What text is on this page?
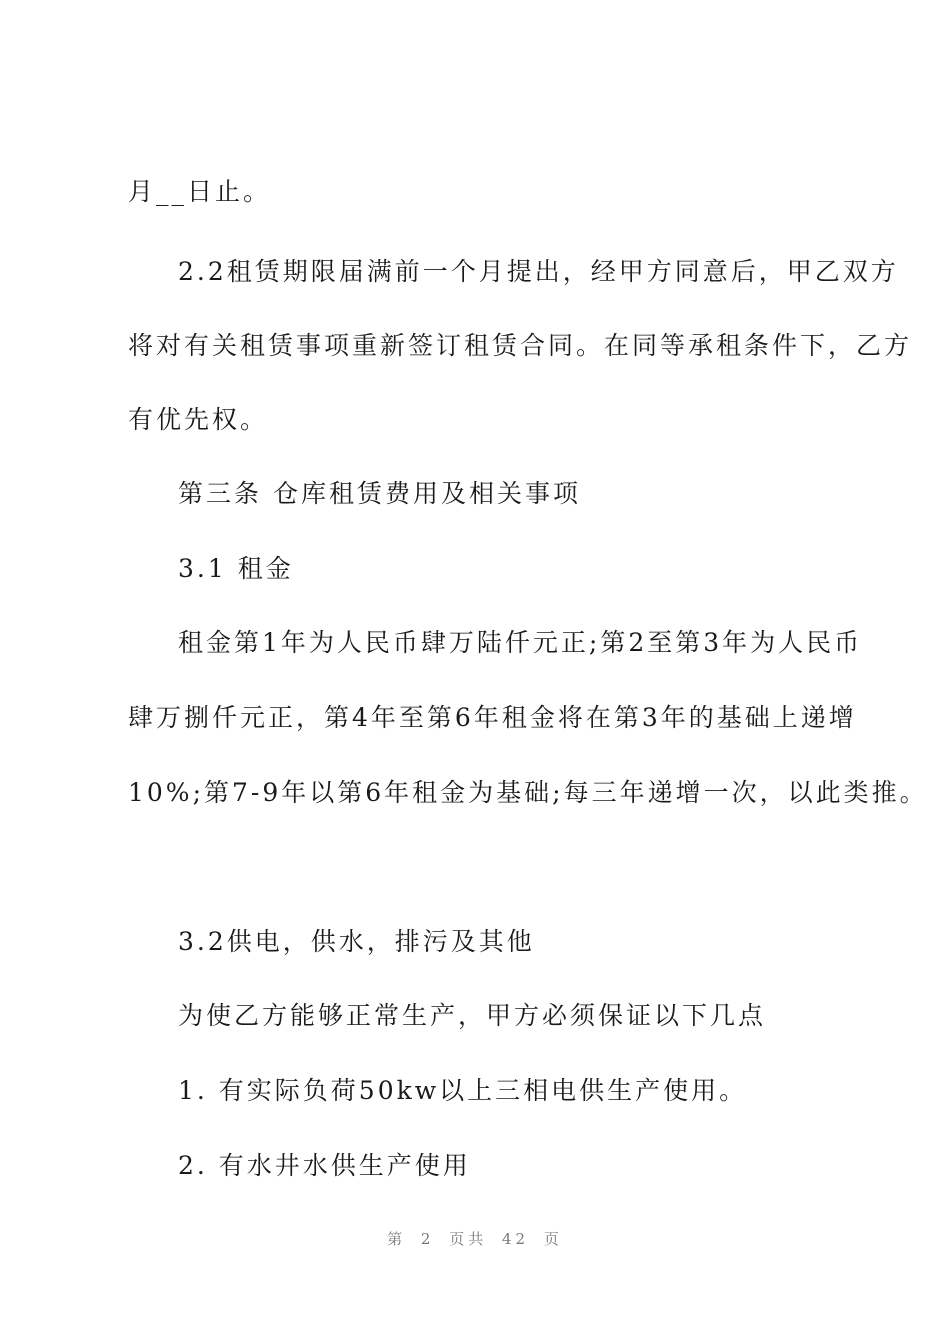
月__日止。
2.2租赁期限届满前一个月提出，经甲方同意后，甲乙双方
将对有关租赁事项重新签订租赁合同。在同等承租条件下，乙方
有优先权。
第三条 仓库租赁费用及相关事项
3.1 租金
租金第1年为人民币肆万陆仟元正;第2至第3年为人民币
肆万捌仟元正，第4年至第6年租金将在第3年的基础上递增
10%;第7-9年以第6年租金为基础;每三年递增一次，以此类推。
3.2供电，供水，排污及其他
为使乙方能够正常生产，甲方必须保证以下几点
1. 有实际负荷50kw以上三相电供生产使用。
2. 有水井水供生产使用
第 2 页共 42 页
